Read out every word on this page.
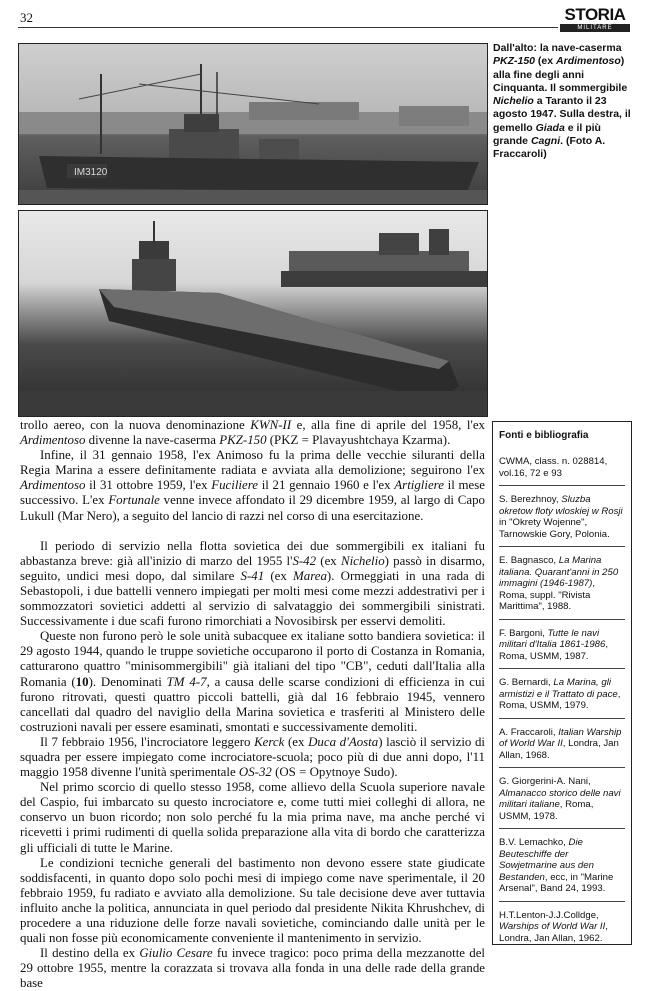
32	STORIA
MILITARE
IM3120
Dall'alto: la nave-caserma PKZ-150 (ex Ardimentoso) alla fine degli anni Cinquanta. Il sommergibile Nichelio a Taranto il 23 agosto 1947. Sulla destra, il gemello Giada e il più grande Cagni. (Foto A. Fraccaroli)

trollo aereo, con la nuova denominazione KWN-II e, alla fine di aprile del 1958, l'ex Ardimentoso divenne la nave-caserma PKZ-150 (PKZ = Plavayushtchaya Kzarma).

Infine, il 31 gennaio 1958, l'ex Animoso fu la prima delle vecchie siluranti della Regia Marina a essere definitamente radiata e avviata alla demolizione; seguirono l'ex Ardimentoso il 31 ottobre 1959, l'ex Fuciliere il 21 gennaio 1960 e l'ex Artigliere il mese successivo. L'ex Fortunale venne invece affondato il 29 dicembre 1959, al largo di Capo Lukull (Mar Nero), a seguito del lancio di razzi nel corso di una esercitazione.

Il periodo di servizio nella flotta sovietica dei due sommergibili ex italiani fu abbastanza breve: già all'inizio di marzo del 1955 l'S-42 (ex Nichelio) passò in disarmo, seguito, undici mesi dopo, dal similare S-41 (ex Marea). Ormeggiati in una rada di Sebastopoli, i due battelli vennero impiegati per molti mesi come mezzi addestrativi per i sommozzatori sovietici addetti al servizio di salvataggio dei sommergibili sinistrati. Successivamente i due scafi furono rimorchiati a Novosibirsk per esservi demoliti.

Queste non furono però le sole unità subacquee ex italiane sotto bandiera sovietica: il 29 agosto 1944, quando le truppe sovietiche occuparono il porto di Costanza in Romania, catturarono quattro "minisommergibili" già italiani del tipo "CB", ceduti dall'Italia alla Romania (10). Denominati TM 4-7, a causa delle scarse condizioni di efficienza in cui furono ritrovati, questi quattro piccoli battelli, già dal 16 febbraio 1945, vennero cancellati dal quadro del naviglio della Marina sovietica e trasferiti al Ministero delle costruzioni navali per essere esaminati, smontati e successivamente demoliti.

Il 7 febbraio 1956, l'incrociatore leggero Kerck (ex Duca d'Aosta) lasciò il servizio di squadra per essere impiegato come incrociatore-scuola; poco più di due anni dopo, l'11 maggio 1958 divenne l'unità sperimentale OS-32 (OS = Opytnoye Sudo).

Nel primo scorcio di quello stesso 1958, come allievo della Scuola superiore navale del Caspio, fui imbarcato su questo incrociatore e, come tutti miei colleghi di allora, ne conservo un buon ricordo; non solo perché fu la mia prima nave, ma anche perché vi ricevetti i primi rudimenti di quella solida preparazione alla vita di bordo che caratterizza gli ufficiali di tutte le Marine.

Le condizioni tecniche generali del bastimento non devono essere state giudicate soddisfacenti, in quanto dopo solo pochi mesi di impiego come nave sperimentale, il 20 febbraio 1959, fu radiato e avviato alla demolizione. Su tale decisione deve aver tuttavia influito anche la politica, annunciata in quel periodo dal presidente Nikita Khrushchev, di procedere a una riduzione delle forze navali sovietiche, cominciando dalle unità per le quali non fosse più economicamente conveniente il mantenimento in servizio.

Il destino della ex Giulio Cesare fu invece tragico: poco prima della mezzanotte del 29 ottobre 1955, mentre la corazzata si trovava alla fonda in una delle rade della grande base

Fonti e bibliografia
CWMA, class. n. 028814, vol.16, 72 e 93
S. Berezhnoy, Sluzba okretow floty wloskiej w Rosji in "Okrety Wojenne", Tarnowskie Gory, Polonia.
E. Bagnasco, La Marina italiana. Quarant'anni in 250 immagini (1946-1987), Roma, suppl. "Rivista Marittima", 1988.
F. Bargoni, Tutte le navi militari d'Italia 1861-1986, Roma, USMM, 1987.
G. Bernardi, La Marina, gli armistizi e il Trattato di pace, Roma, USMM, 1979.
A. Fraccaroli, Italian Warship of World War II, Londra, Jan Allan, 1968.
G. Giorgerini-A. Nani, Almanacco storico delle navi militari italiane, Roma, USMM, 1978.
B.V. Lemachko, Die Beuteschiffe der Sowjetmarine aus den Bestanden, ecc, in "Marine Arsenal", Band 24, 1993.
H.T.Lenton-J.J.Colldge, Warships of World War II, Londra, Jan Allan, 1962.
